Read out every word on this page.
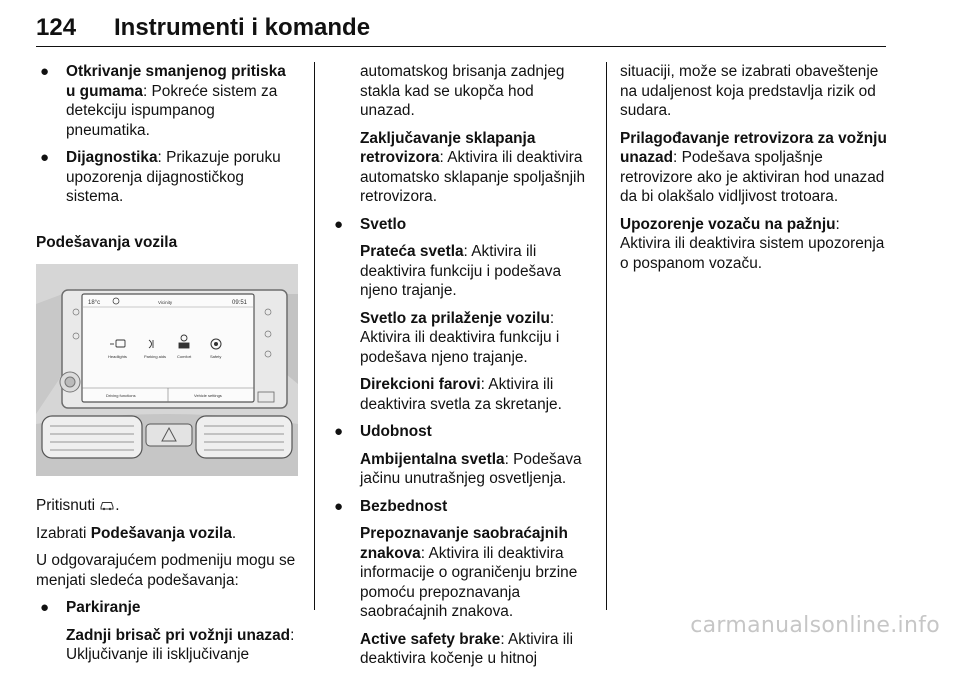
124 Instrumenti i komande
● Otkrivanje smanjenog pritiska u gumama: Pokreće sistem za detekciju ispumpanog pneumatika.
● Dijagnostika: Prikazuje poruku upozorenja dijagnostičkog sistema.
Podešavanja vozila
18°c	Vicinity	09:51
Headlights	Parking aids	Comfort	Safety
Driving functions	Vehicle settings

Pritisnuti .

Izabrati Podešavanja vozila.

U odgovarajućem podmeniju mogu se menjati sledeća podešavanja:

● Parkiranje
Zadnji brisač pri vožnji unazad: Uključivanje ili isključivanje

automatskog brisanja zadnjeg stakla kad se ukopča hod unazad.

Zaključavanje sklapanja retrovizora: Aktivira ili deaktivira automatsko sklapanje spoljašnjih retrovizora.

● Svetlo

Prateća svetla: Aktivira ili deaktivira funkciju i podešava njeno trajanje.

Svetlo za prilaženje vozilu: Aktivira ili deaktivira funkciju i podešava njeno trajanje.

Direkcioni farovi: Aktivira ili deaktivira svetla za skretanje.

● Udobnost

Ambijentalna svetla: Podešava jačinu unutrašnjeg osvetljenja.

● Bezbednost

Prepoznavanje saobraćajnih znakova: Aktivira ili deaktivira informacije o ograničenju brzine pomoću prepoznavanja saobraćajnih znakova.

Active safety brake: Aktivira ili deaktivira kočenje u hitnoj

situaciji, može se izabrati obaveštenje na udaljenost koja predstavlja rizik od sudara.

Prilagođavanje retrovizora za vožnju unazad: Podešava spoljašnje retrovizore ako je aktiviran hod unazad da bi olakšalo vidljivost trotoara.

Upozorenje vozaču na pažnju: Aktivira ili deaktivira sistem upozorenja o pospanom vozaču.

carmanualsonline.info
